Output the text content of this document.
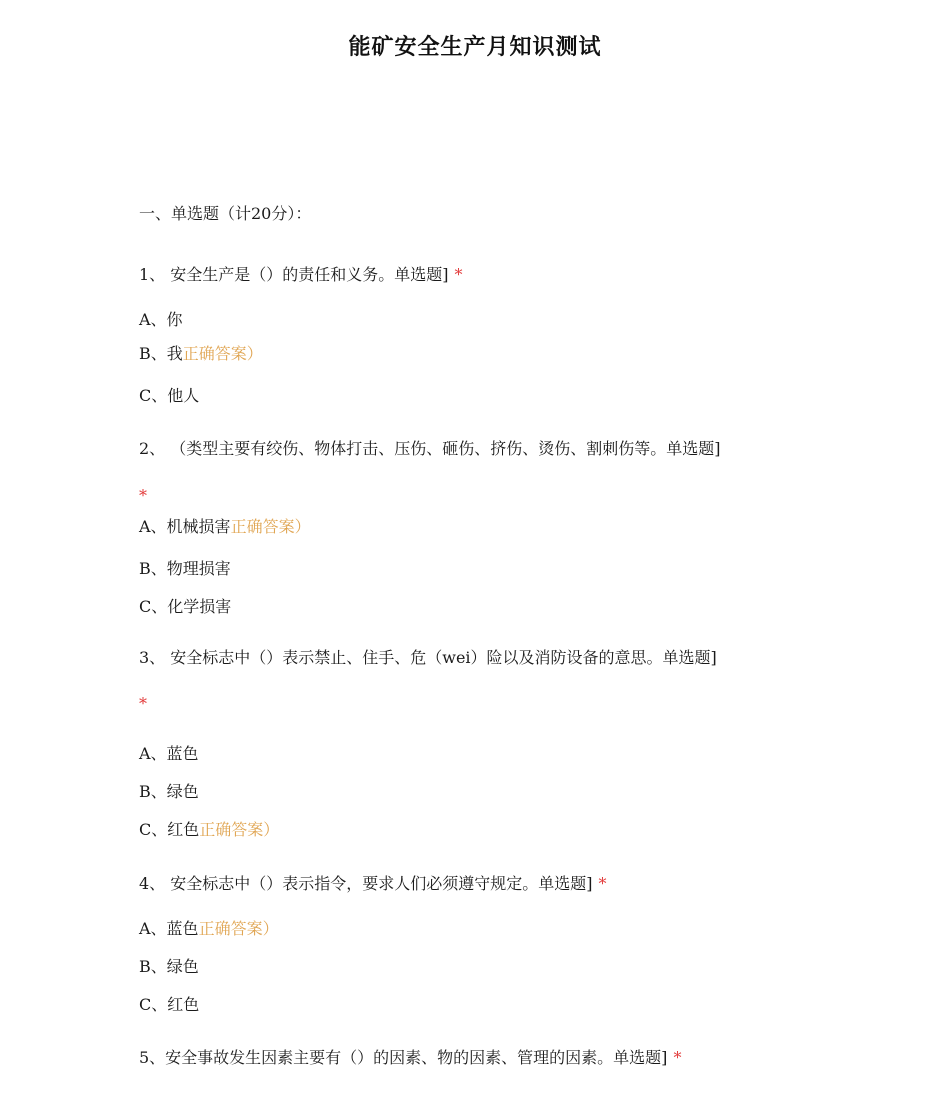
能矿安全生产月知识测试
一、单选题（计20分）：
1、 安全生产是（）的责任和义务。单选题] *
A、你
B、我正确答案）
C、他人
2、 （类型主要有绞伤、物体打击、压伤、砸伤、挤伤、烫伤、割刺伤等。单选题]
*
A、机械损害正确答案）
B、物理损害
C、化学损害
3、 安全标志中（）表示禁止、住手、危（wei）险以及消防设备的意思。单选题]
*
A、蓝色
B、绿色
C、红色正确答案）
4、 安全标志中（）表示指令，要求人们必须遵守规定。单选题] *
A、蓝色正确答案）
B、绿色
C、红色
5、安全事故发生因素主要有（）的因素、物的因素、管理的因素。单选题] *
